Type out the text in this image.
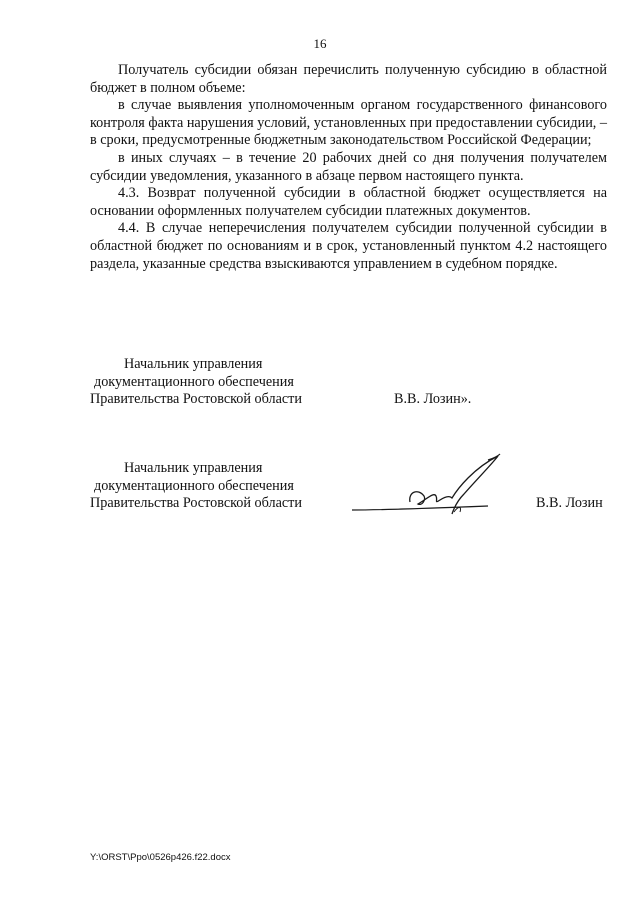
16

Получатель субсидии обязан перечислить полученную субсидию в областной бюджет в полном объеме:

в случае выявления уполномоченным органом государственного финансового контроля факта нарушения условий, установленных при предоставлении субсидии, – в сроки, предусмотренные бюджетным законодательством Российской Федерации;

в иных случаях – в течение 20 рабочих дней со дня получения получателем субсидии уведомления, указанного в абзаце первом настоящего пункта.

4.3. Возврат полученной субсидии в областной бюджет осуществляется на основании оформленных получателем субсидии платежных документов.

4.4. В случае неперечисления получателем субсидии полученной субсидии в областной бюджет по основаниям и в срок, установленный пунктом 4.2 настоящего раздела, указанные средства взыскиваются управлением в судебном порядке.

Начальник управления
документационного обеспечения
Правительства Ростовской области	В.В. Лозин».
Начальник управления
документационного обеспечения
Правительства Ростовской области	В.В. Лозин
Y:\ORST\Ppo\0526p426.f22.docx
